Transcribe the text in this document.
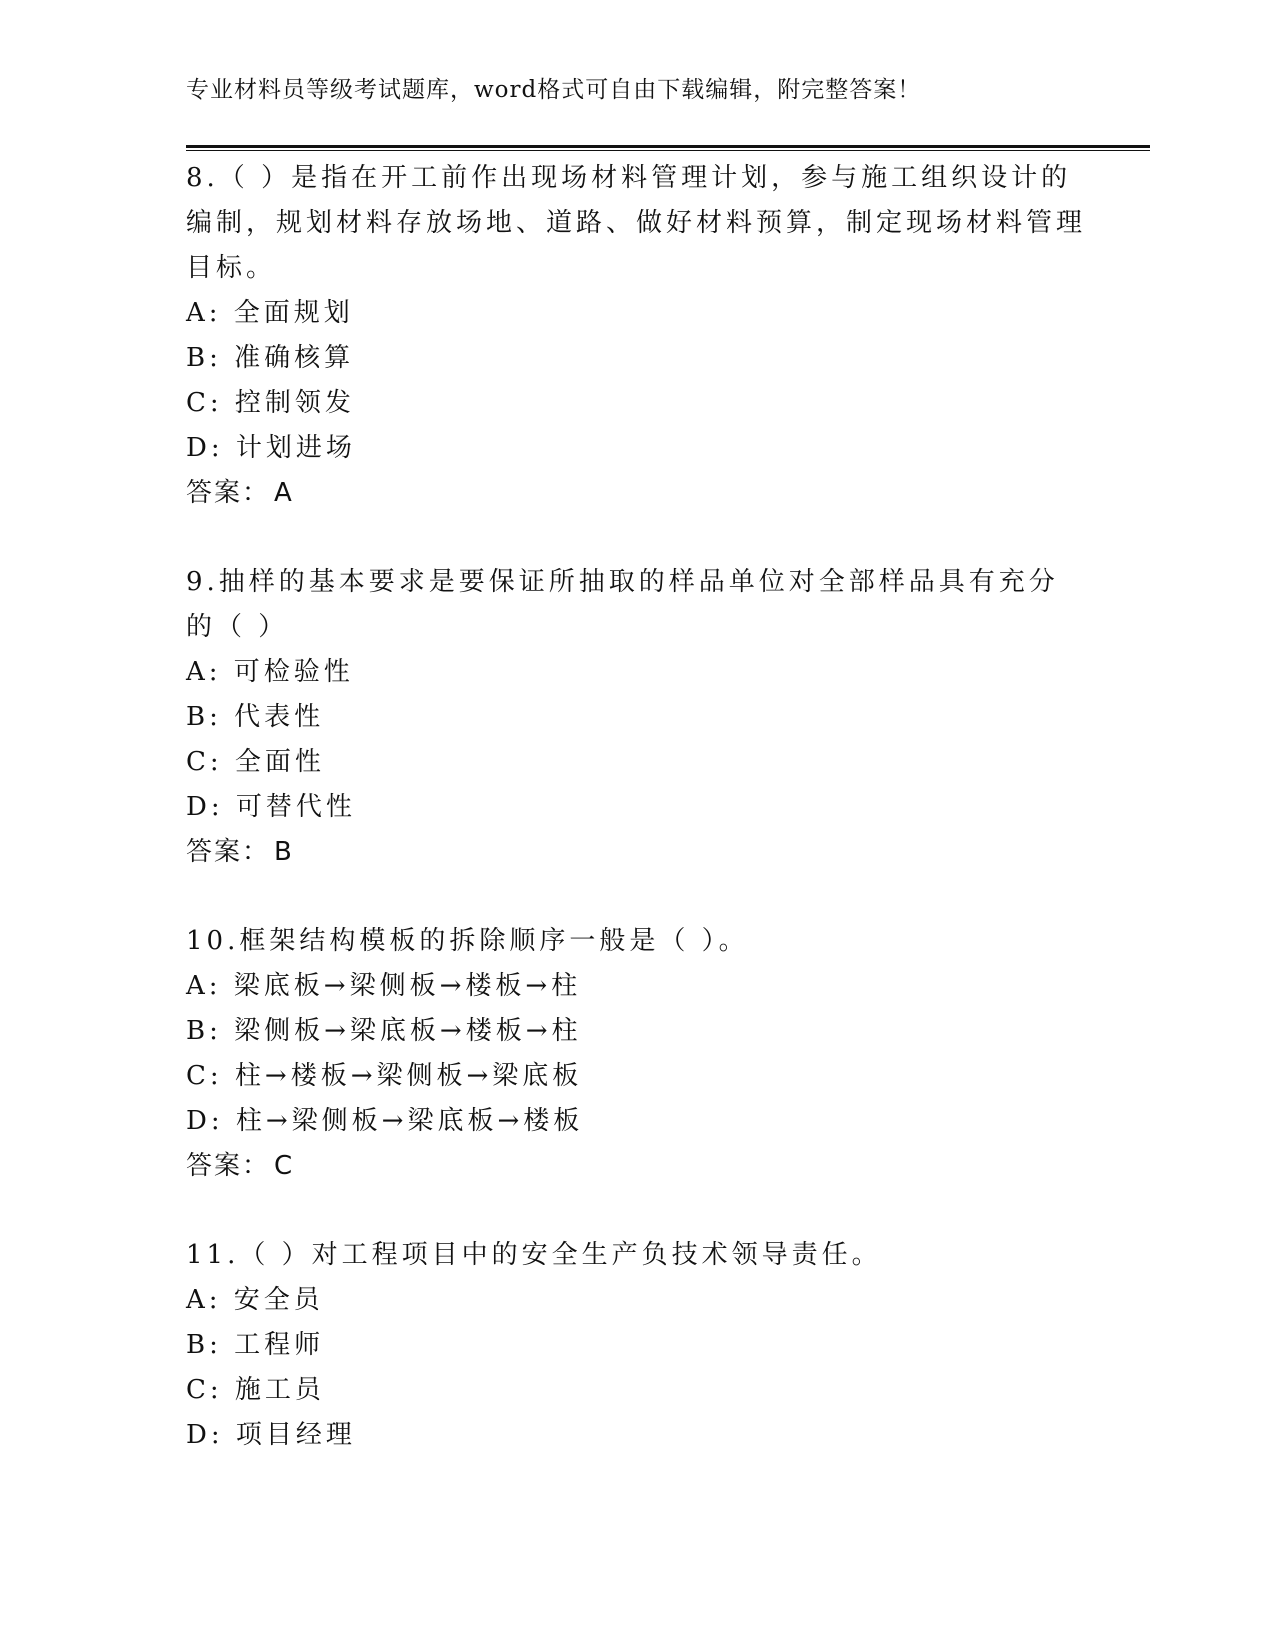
专业材料员等级考试题库，word格式可自由下载编辑，附完整答案！

8.（ ）是指在开工前作出现场材料管理计划，参与施工组织设计的编制，规划材料存放场地、道路、做好材料预算，制定现场材料管理目标。

A: 全面规划

B: 准确核算

C: 控制领发

D: 计划进场

答案： A

9.抽样的基本要求是要保证所抽取的样品单位对全部样品具有充分的（ ）

A: 可检验性

B: 代表性

C: 全面性

D: 可替代性

答案： B

10.框架结构模板的拆除顺序一般是（ ）。

A: 梁底板→梁侧板→楼板→柱

B: 梁侧板→梁底板→楼板→柱

C: 柱→楼板→梁侧板→梁底板

D: 柱→梁侧板→梁底板→楼板

答案： C

11.（ ）对工程项目中的安全生产负技术领导责任。

A: 安全员

B: 工程师

C: 施工员

D: 项目经理
